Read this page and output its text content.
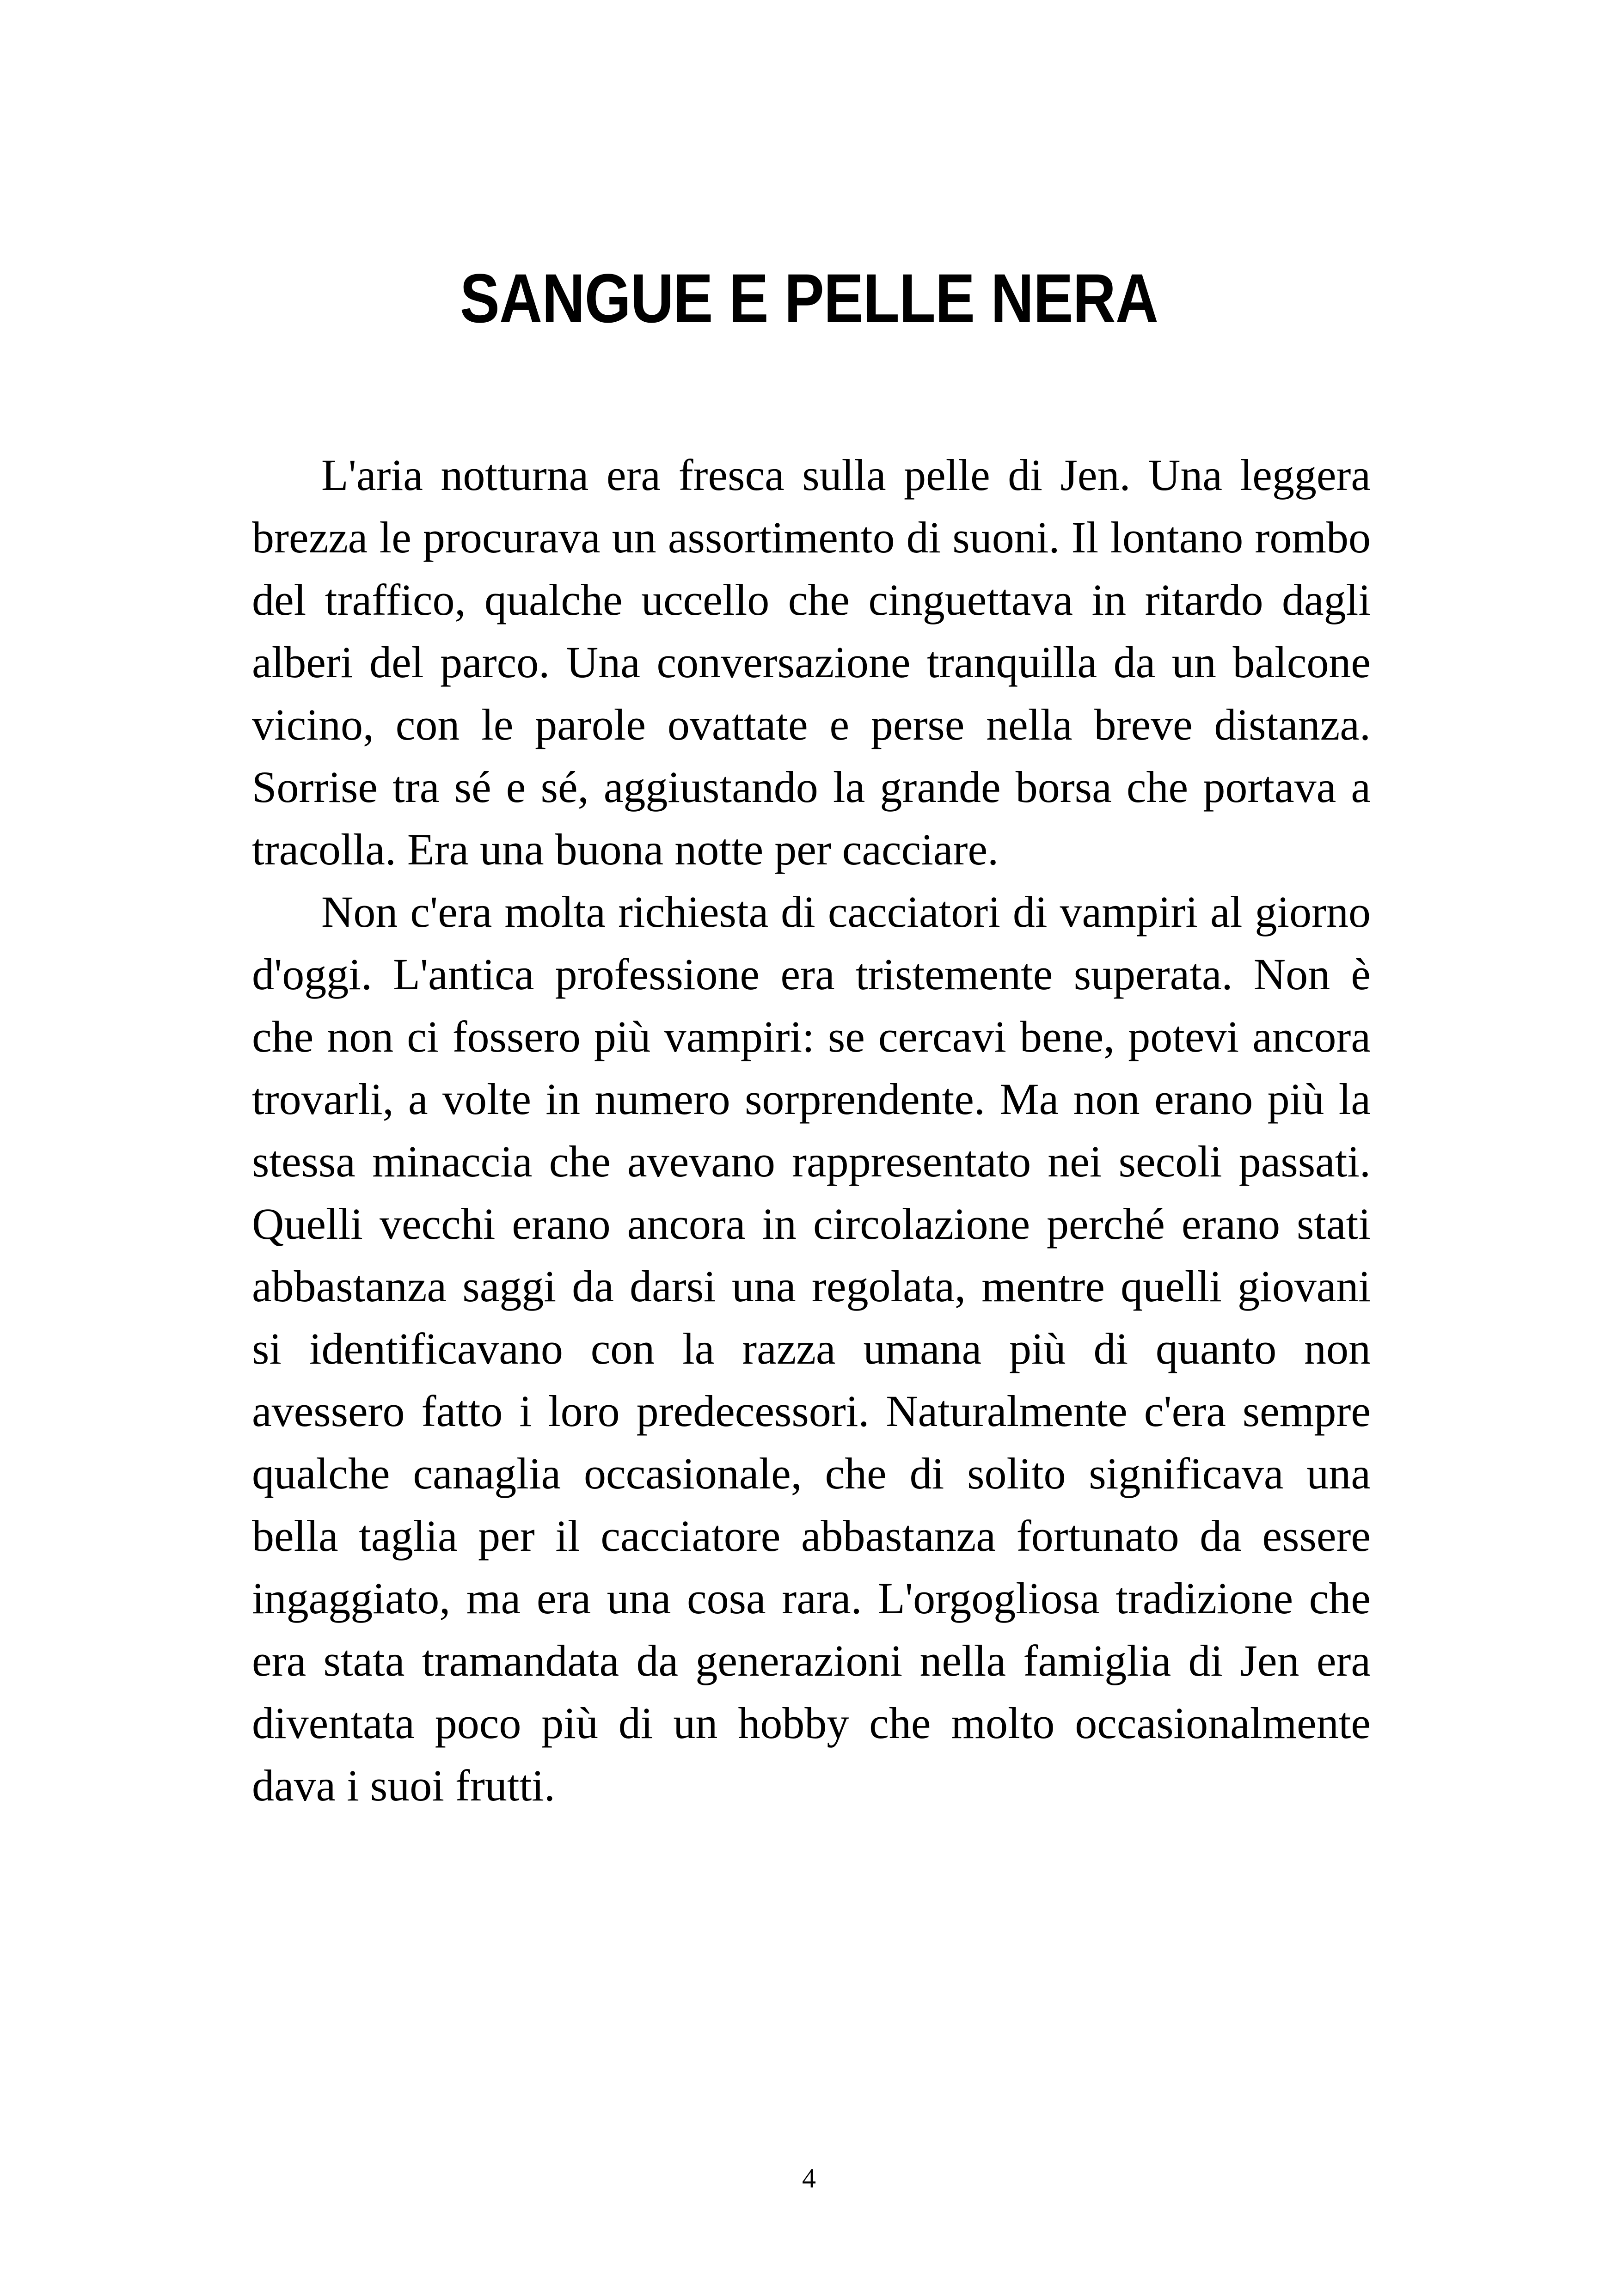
SANGUE E PELLE NERA

L'aria notturna era fresca sulla pelle di Jen. Una leggera brezza le procurava un assortimento di suoni. Il lontano rombo del traffico, qualche uccello che cinguettava in ritardo dagli alberi del parco. Una conversazione tranquilla da un balcone vicino, con le parole ovattate e perse nella breve distanza. Sorrise tra sé e sé, aggiustando la grande borsa che portava a tracolla. Era una buona notte per cacciare.

Non c'era molta richiesta di cacciatori di vampiri al giorno d'oggi. L'antica professione era tristemente superata. Non è che non ci fossero più vampiri: se cercavi bene, potevi ancora trovarli, a volte in numero sorprendente. Ma non erano più la stessa minaccia che avevano rappresentato nei secoli passati. Quelli vecchi erano ancora in circolazione perché erano stati abbastanza saggi da darsi una regolata, mentre quelli giovani si identificavano con la razza umana più di quanto non avessero fatto i loro predecessori. Naturalmente c'era sempre qualche canaglia occasionale, che di solito significava una bella taglia per il cacciatore abbastanza fortunato da essere ingaggiato, ma era una cosa rara. L'orgogliosa tradizione che era stata tramandata da generazioni nella famiglia di Jen era diventata poco più di un hobby che molto occasionalmente dava i suoi frutti.

4
